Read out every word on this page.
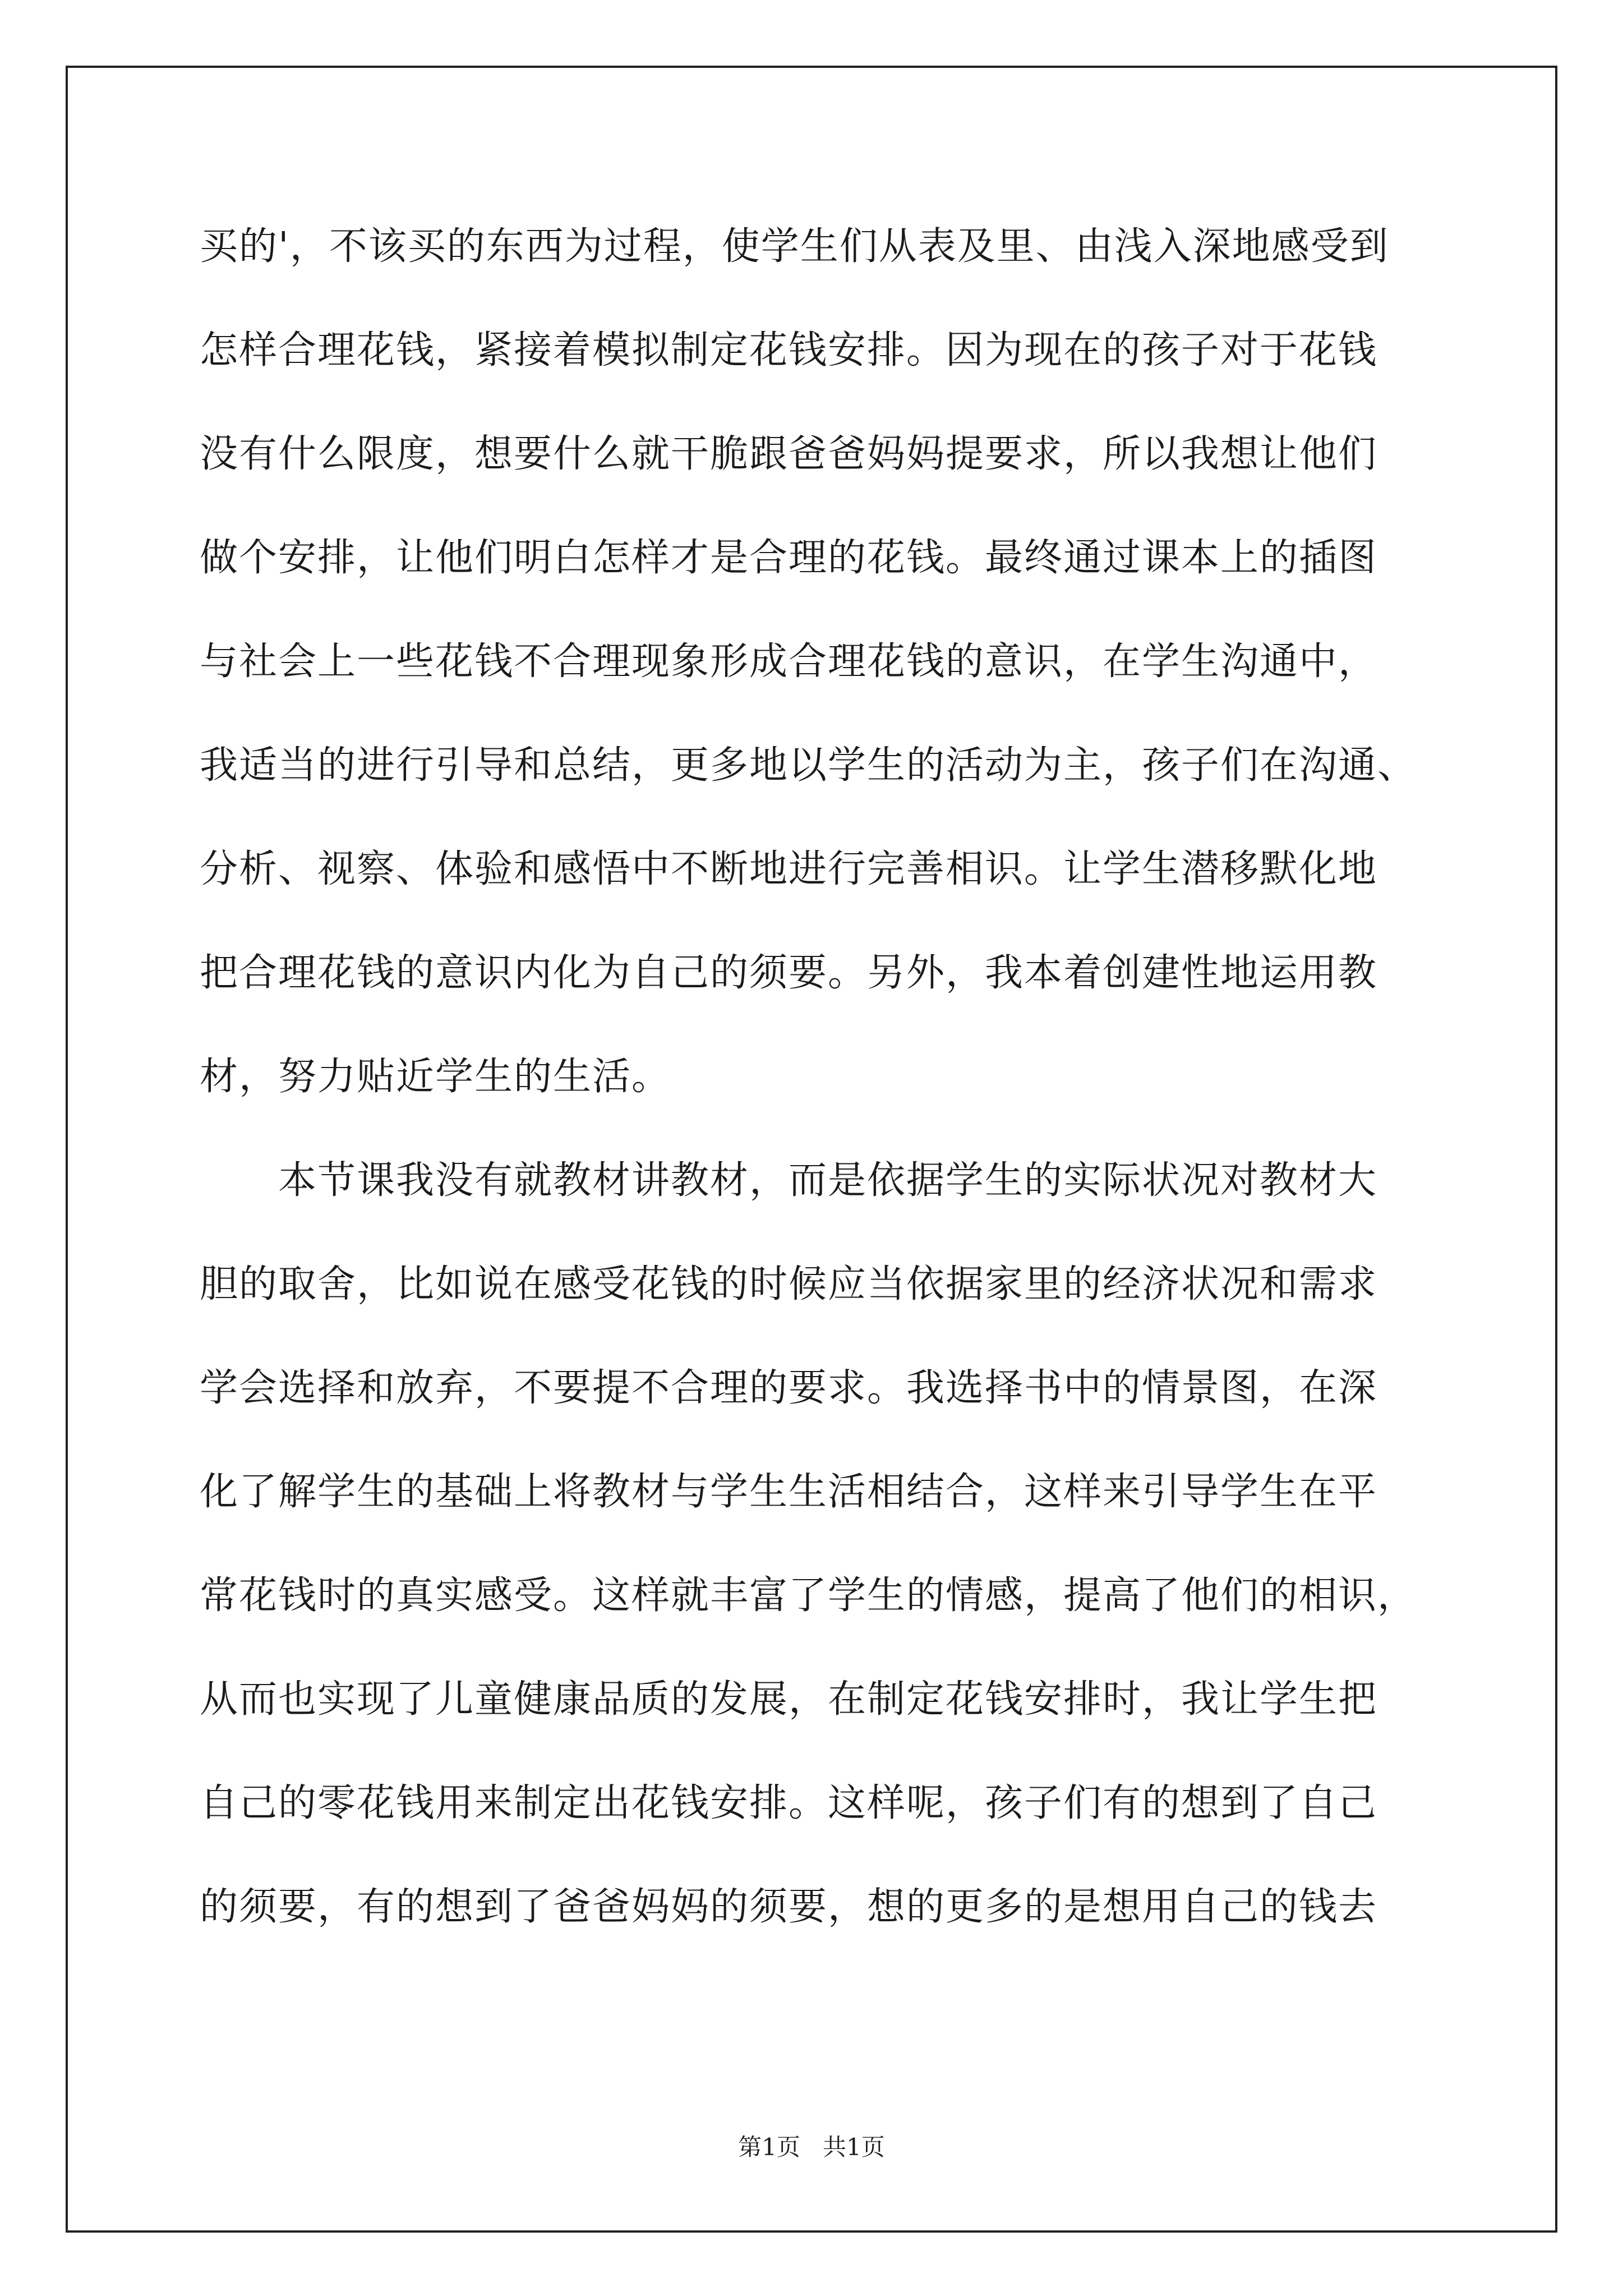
买的'，不该买的东西为过程，使学生们从表及里、由浅入深地感受到
怎样合理花钱，紧接着模拟制定花钱安排。因为现在的孩子对于花钱
没有什么限度，想要什么就干脆跟爸爸妈妈提要求，所以我想让他们
做个安排，让他们明白怎样才是合理的花钱。最终通过课本上的插图
与社会上一些花钱不合理现象形成合理花钱的意识，在学生沟通中，
我适当的进行引导和总结，更多地以学生的活动为主，孩子们在沟通、
分析、视察、体验和感悟中不断地进行完善相识。让学生潜移默化地
把合理花钱的意识内化为自己的须要。另外，我本着创建性地运用教
材，努力贴近学生的生活。
　　本节课我没有就教材讲教材，而是依据学生的实际状况对教材大
胆的取舍，比如说在感受花钱的时候应当依据家里的经济状况和需求
学会选择和放弃，不要提不合理的要求。我选择书中的情景图，在深
化了解学生的基础上将教材与学生生活相结合，这样来引导学生在平
常花钱时的真实感受。这样就丰富了学生的情感，提高了他们的相识，
从而也实现了儿童健康品质的发展，在制定花钱安排时，我让学生把
自己的零花钱用来制定出花钱安排。这样呢，孩子们有的想到了自己
的须要，有的想到了爸爸妈妈的须要，想的更多的是想用自己的钱去
第1页   共1页
